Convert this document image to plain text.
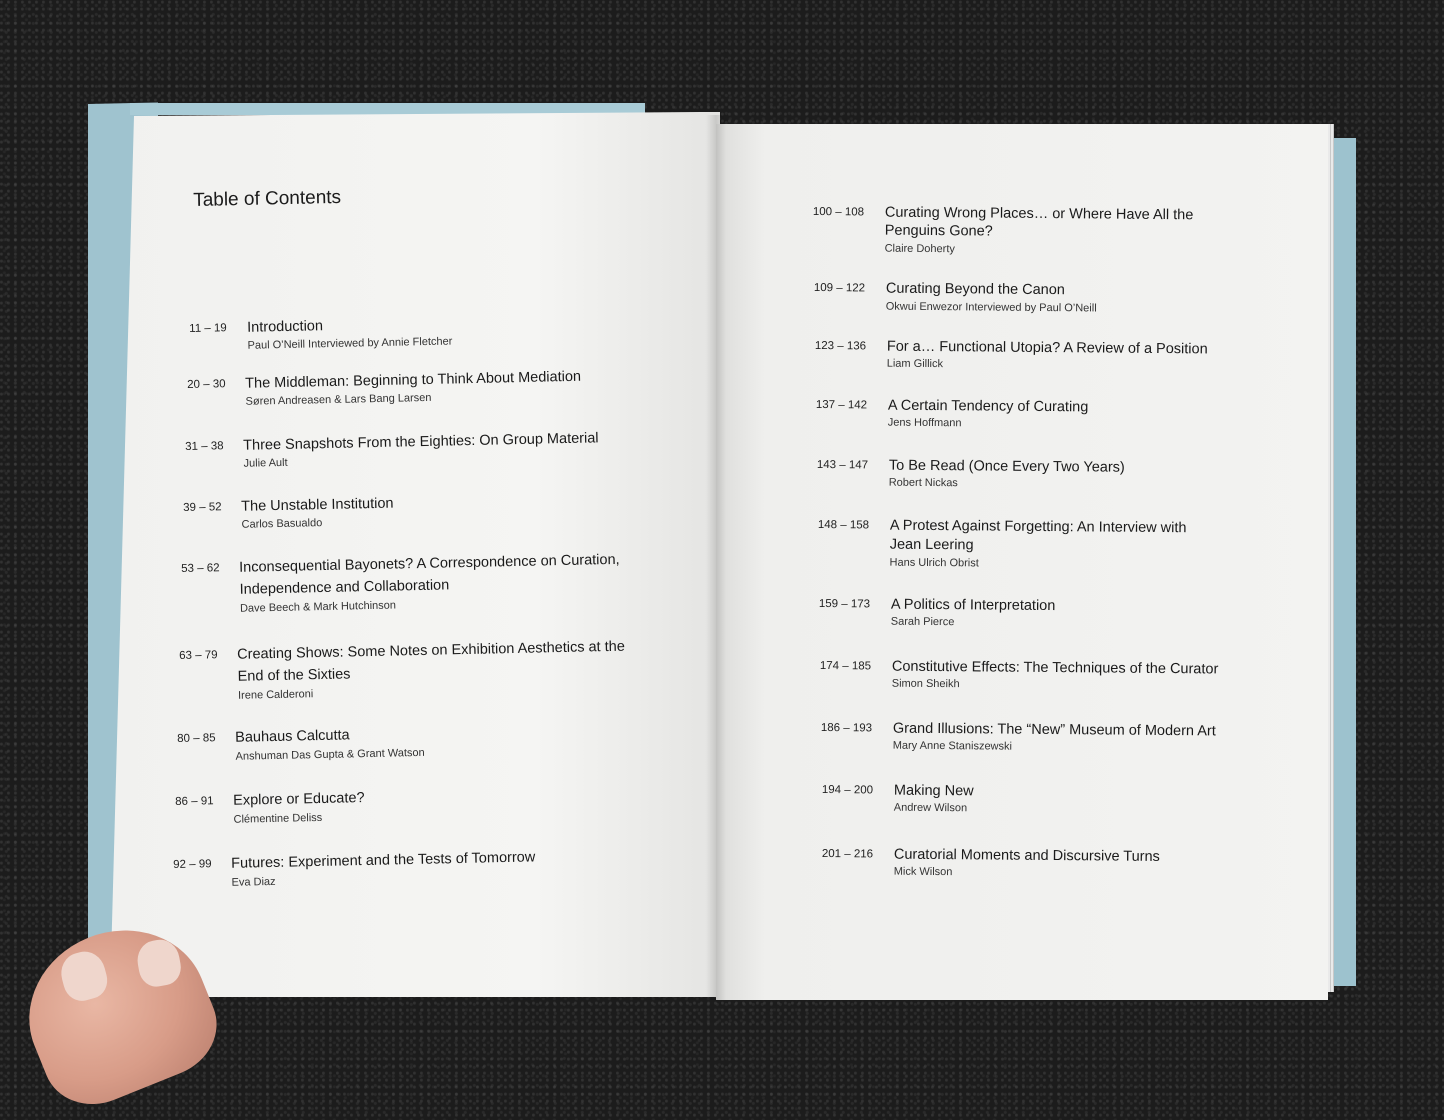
Table of Contents
11 – 19 Introduction
Paul O’Neill Interviewed by Annie Fletcher
20 – 30 The Middleman: Beginning to Think About Mediation
Søren Andreasen & Lars Bang Larsen
31 – 38 Three Snapshots From the Eighties: On Group Material
Julie Ault
39 – 52 The Unstable Institution
Carlos Basualdo
53 – 62 Inconsequential Bayonets? A Correspondence on Curation,
Independence and Collaboration
Dave Beech & Mark Hutchinson
63 – 79 Creating Shows: Some Notes on Exhibition Aesthetics at the
End of the Sixties
Irene Calderoni
80 – 85 Bauhaus Calcutta
Anshuman Das Gupta & Grant Watson
86 – 91 Explore or Educate?
Clémentine Deliss
92 – 99 Futures: Experiment and the Tests of Tomorrow
Eva Diaz
100 – 108 Curating Wrong Places… or Where Have All the
Penguins Gone?
Claire Doherty
109 – 122 Curating Beyond the Canon
Okwui Enwezor Interviewed by Paul O’Neill
123 – 136 For a… Functional Utopia? A Review of a Position
Liam Gillick
137 – 142 A Certain Tendency of Curating
Jens Hoffmann
143 – 147 To Be Read (Once Every Two Years)
Robert Nickas
148 – 158 A Protest Against Forgetting: An Interview with
Jean Leering
Hans Ulrich Obrist
159 – 173 A Politics of Interpretation
Sarah Pierce
174 – 185 Constitutive Effects: The Techniques of the Curator
Simon Sheikh
186 – 193 Grand Illusions: The “New” Museum of Modern Art
Mary Anne Staniszewski
194 – 200 Making New
Andrew Wilson
201 – 216 Curatorial Moments and Discursive Turns
Mick Wilson
